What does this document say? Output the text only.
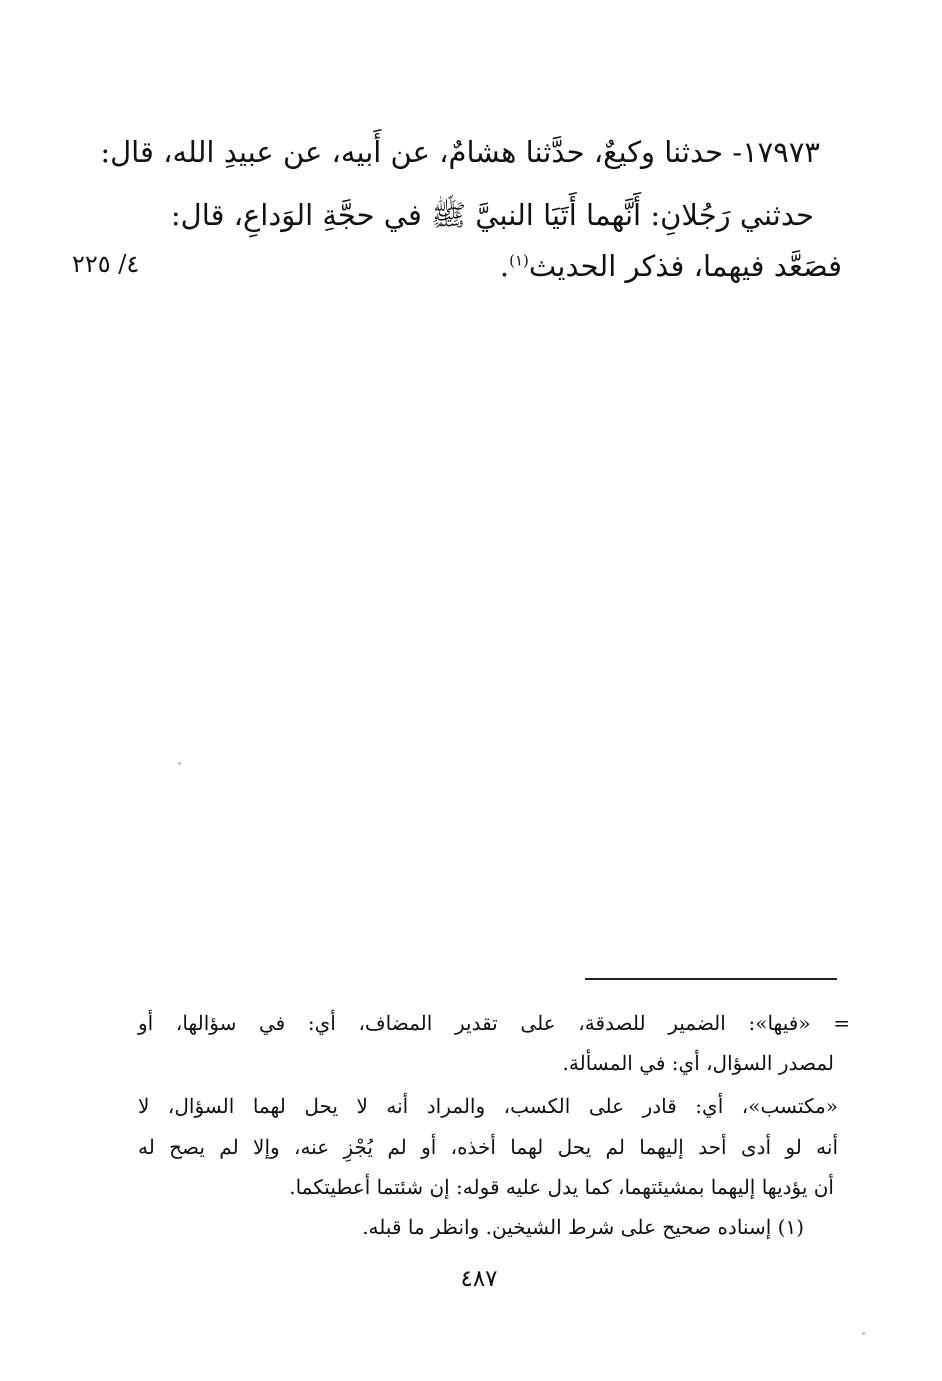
١٧٩٧٣- حدثنا وكيعٌ، حدَّثنا هشامٌ، عن أَبيه، عن عبيدِ الله، قال:
حدثني رَجُلانِ: أَنَّهما أَتَيَا النبيَّ ﷺ في حجَّةِ الوَداعِ، قال:
فصَعَّد فيهما، فذكر الحديث$^{(١)}$.
٤/ ٢٢٥
= «فيها»: الضمير للصدقة، على تقدير المضاف، أي: في سؤالها، أو
لمصدر السؤال، أي: في المسألة.
«مكتسب»، أي: قادر على الكسب، والمراد أنه لا يحل لهما السؤال، لا
أنه لو أدى أحد إليهما لم يحل لهما أخذه، أو لم يُجْزِ عنه، وإلا لم يصح له
أن يؤديها إليهما بمشيئتهما، كما يدل عليه قوله: إن شئتما أعطيتكما.
(١) إسناده صحيح على شرط الشيخين. وانظر ما قبله.
٤٨٧
